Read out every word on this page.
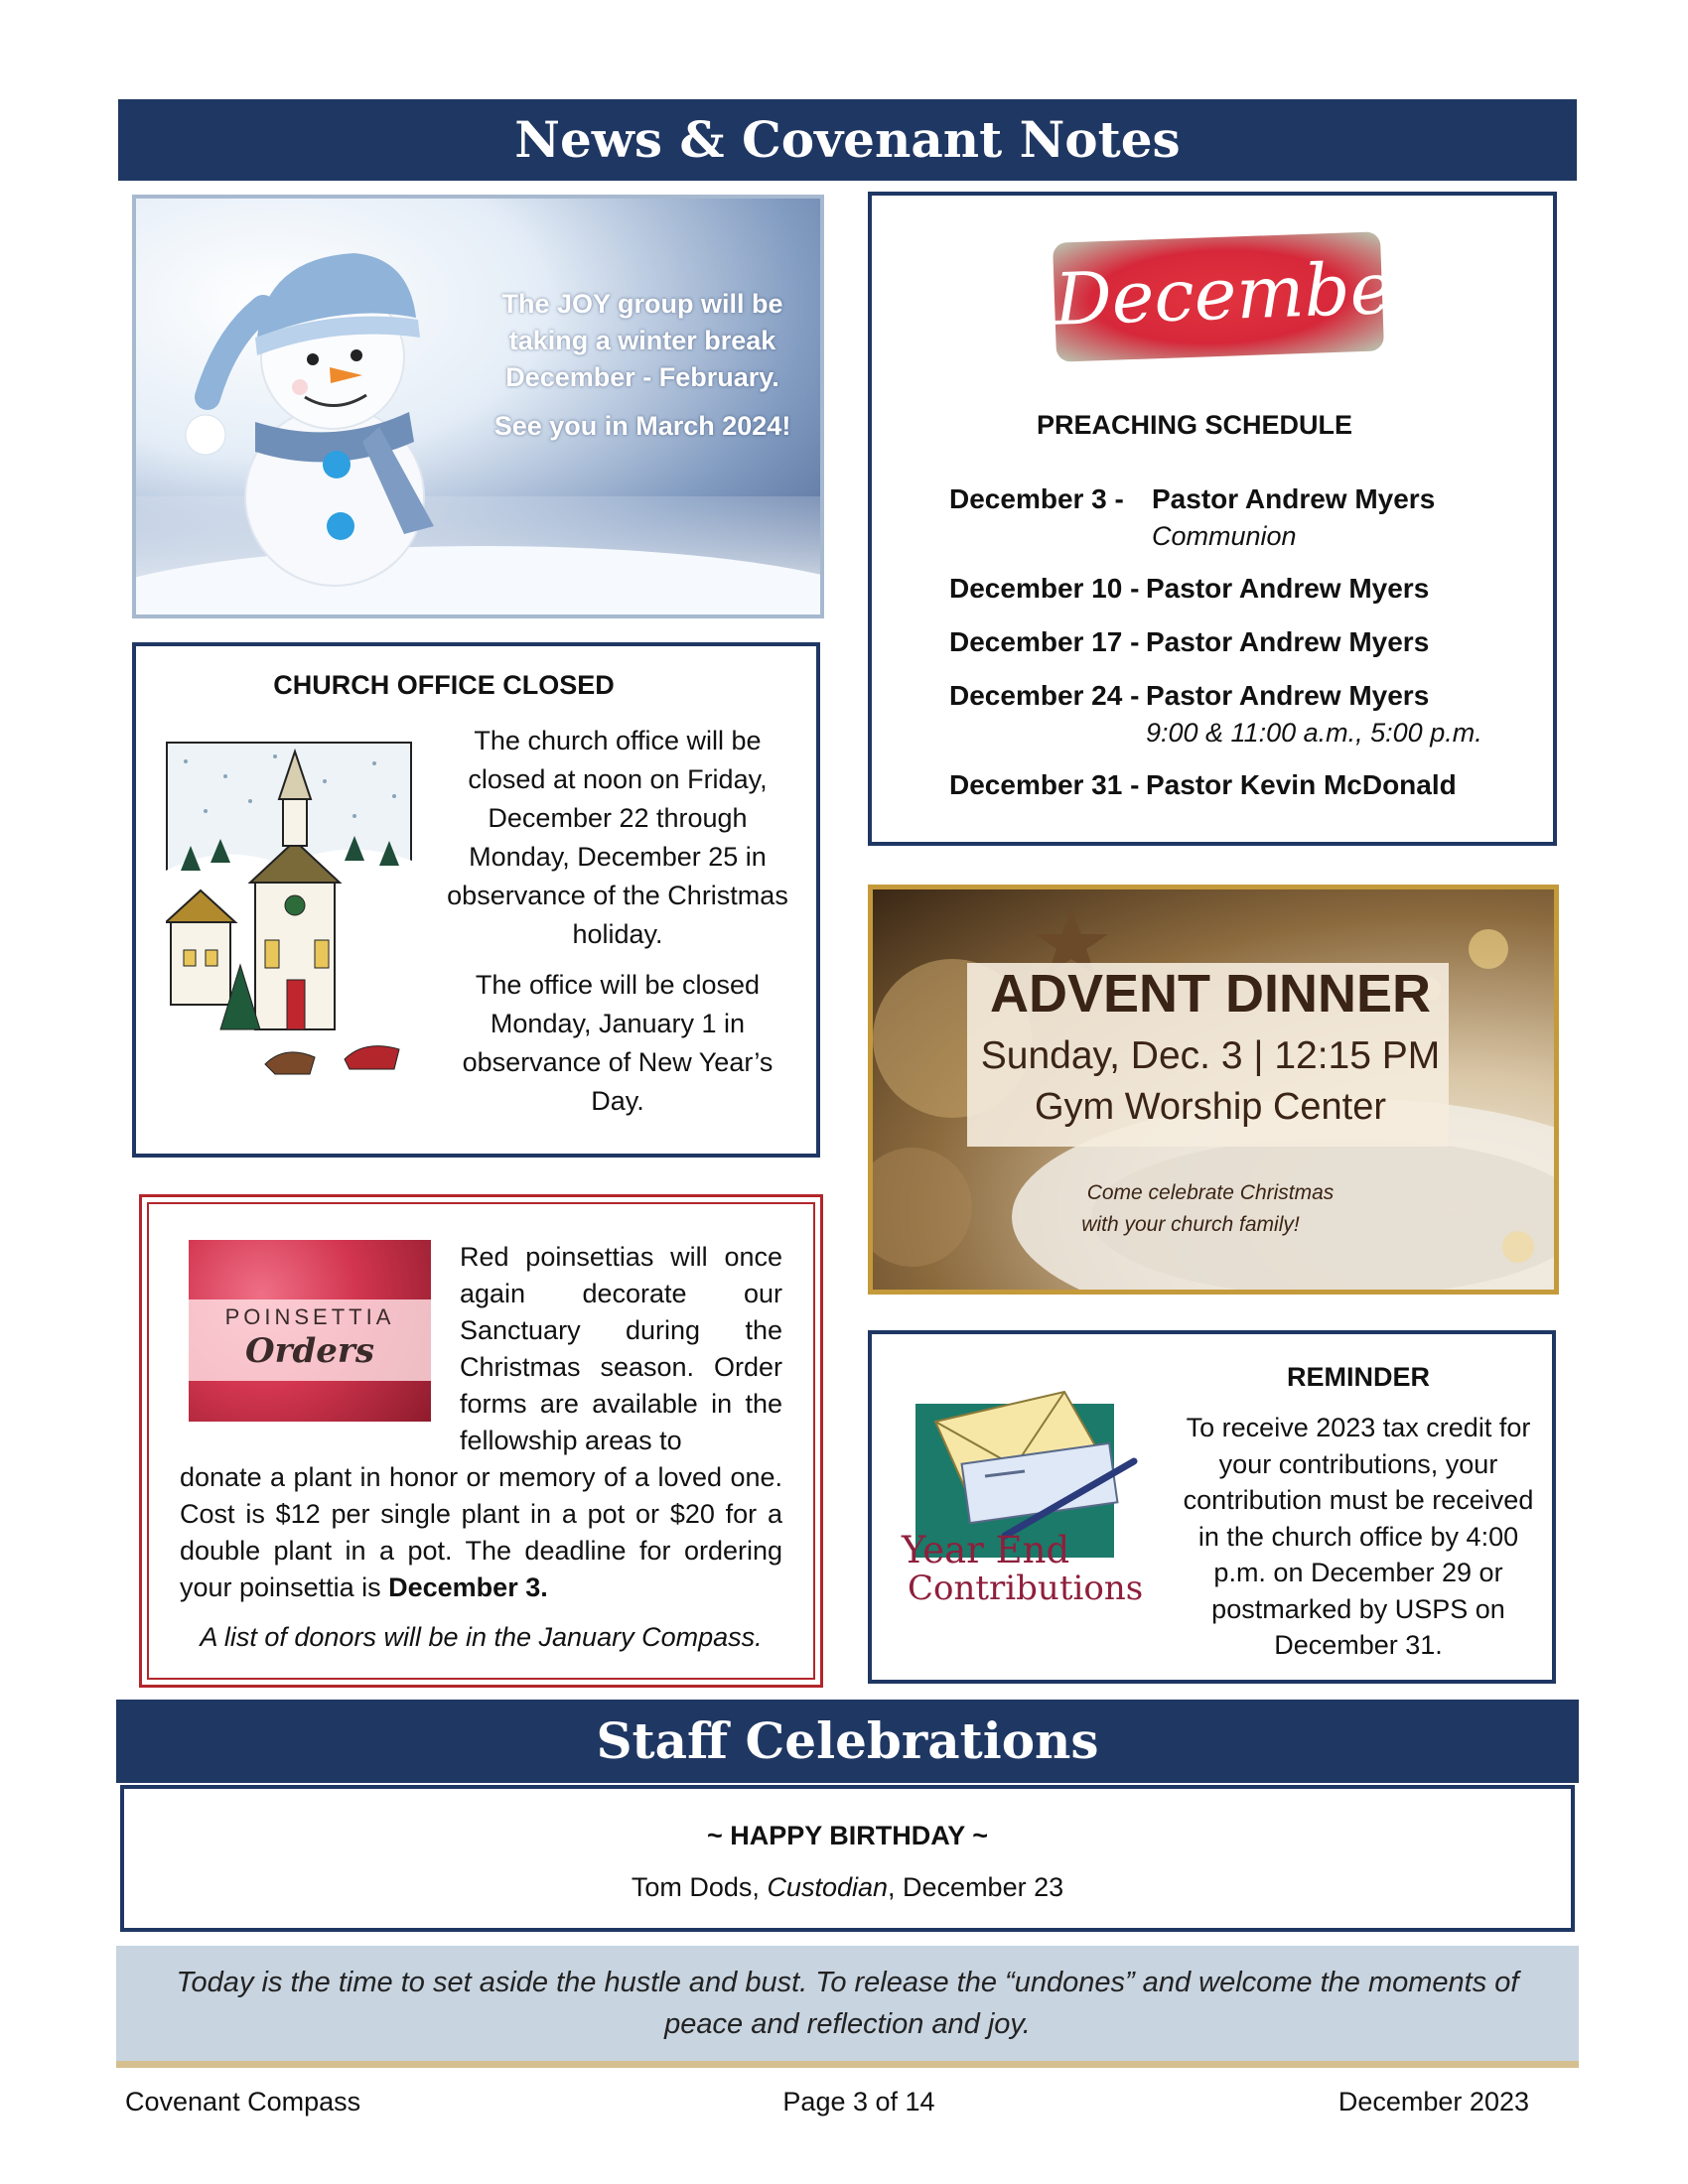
News & Covenant Notes
The JOY group will be
taking a winter break
December - February.
See you in March 2024!
CHURCH OFFICE CLOSED
The church office will be closed at noon on Friday, December 22 through Monday, December 25 in observance of the Christmas holiday.
The office will be closed Monday, January 1 in observance of New Year’s Day.
POINSETTIA
Orders
Red poinsettias will once again decorate our Sanctuary during the Christmas season. Order forms are available in the fellowship areas to
donate a plant in honor or memory of a loved one. Cost is $12 per single plant in a pot or $20 for a double plant in a pot. The deadline for ordering your poinsettia is December 3.
A list of donors will be in the January Compass.
December
PREACHING SCHEDULE
December 3 - Pastor Andrew Myers
Communion
December 10 - Pastor Andrew Myers
December 17 - Pastor Andrew Myers
December 24 - Pastor Andrew Myers
9:00 & 11:00 a.m., 5:00 p.m.
December 31 - Pastor Kevin McDonald
ADVENT DINNER
Sunday, Dec. 3 | 12:15 PM
Gym Worship Center
Come celebrate Christmas
with your church family!
Year End
Contributions
REMINDER
To receive 2023 tax credit for your contributions, your contribution must be received in the church office by 4:00 p.m. on December 29 or postmarked by USPS on December 31.
Staff Celebrations
~ HAPPY BIRTHDAY ~
Tom Dods, Custodian, December 23
Today is the time to set aside the hustle and bust. To release the “undones” and welcome the moments of
peace and reflection and joy.
Covenant Compass	Page 3 of 14	December 2023
